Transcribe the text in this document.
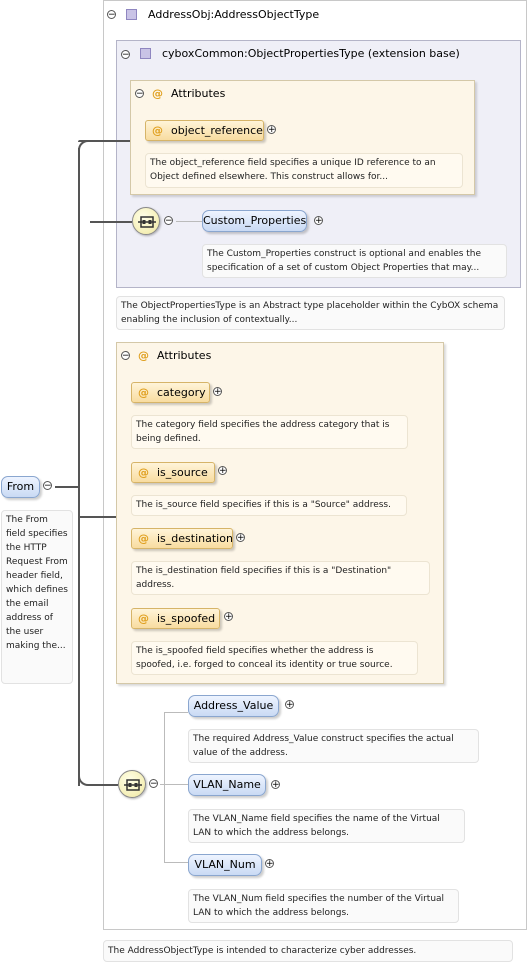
−	AddressObj:AddressObjectType
−	cyboxCommon:ObjectPropertiesType (extension base)
− @ Attributes
@ object_reference +
The object_reference field specifies a unique ID reference to an Object defined elsewhere. This construct allows for...
−	Custom_Properties +
The Custom_Properties construct is optional and enables the specification of a set of custom Object Properties that may...
The ObjectPropertiesType is an Abstract type placeholder within the CybOX schema enabling the inclusion of contextually...
− @ Attributes
@ category +
The category field specifies the address category that is being defined.
@ is_source	+
The is_source field specifies if this is a "Source" address.
@ is_destination +
The is_destination field specifies if this is a "Destination" address.
@ is_spoofed	+
The is_spoofed field specifies whether the address is spoofed, i.e. forged to conceal its identity or true source.
−
Address_Value	+
The required Address_Value construct specifies the actual value of the address.
VLAN_Name	+
The VLAN_Name field specifies the name of the Virtual LAN to which the address belongs.
VLAN_Num	+
The VLAN_Num field specifies the number of the Virtual LAN to which the address belongs.
The AddressObjectType is intended to characterize cyber addresses.
From	−
The From field specifies the HTTP Request From header field, which defines the email address of the user making the...
